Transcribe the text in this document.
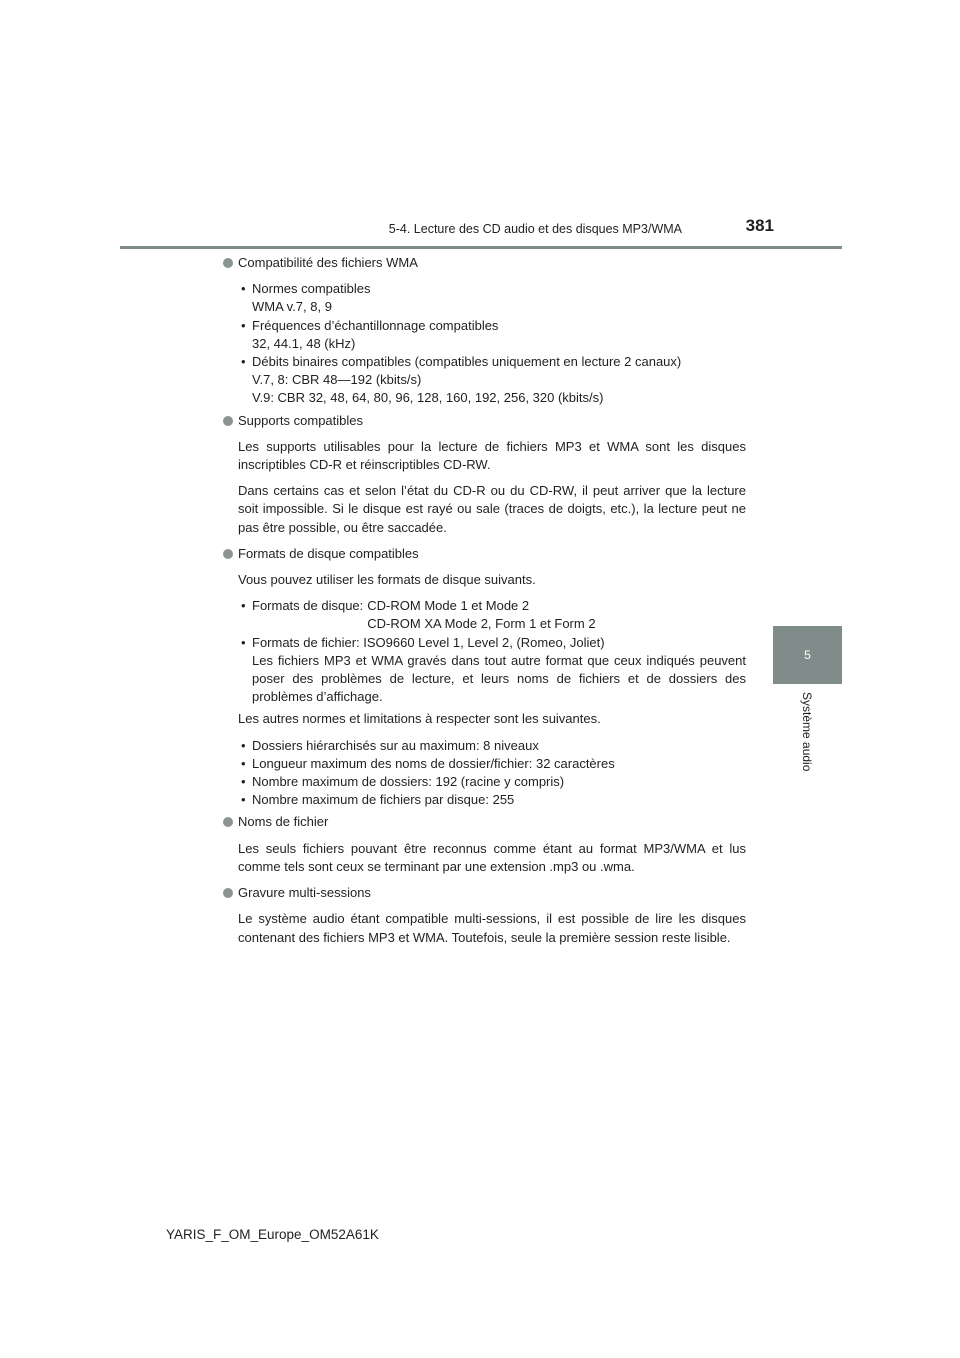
5-4. Lecture des CD audio et des disques MP3/WMA	381
5
Système audio
Compatibilité des fichiers WMA
• Normes compatibles
WMA v.7, 8, 9
• Fréquences d’échantillonnage compatibles
32, 44.1, 48 (kHz)
• Débits binaires compatibles (compatibles uniquement en lecture 2 canaux)
V.7, 8: CBR 48—192 (kbits/s)
V.9: CBR 32, 48, 64, 80, 96, 128, 160, 192, 256, 320 (kbits/s)
Supports compatibles

Les supports utilisables pour la lecture de fichiers MP3 et WMA sont les disques inscriptibles CD-R et réinscriptibles CD-RW.

Dans certains cas et selon l’état du CD-R ou du CD-RW, il peut arriver que la lecture soit impossible. Si le disque est rayé ou sale (traces de doigts, etc.), la lecture peut ne pas être possible, ou être saccadée.

Formats de disque compatibles

Vous pouvez utiliser les formats de disque suivants.

• Formats de disque: CD-ROM Mode 1 et Mode 2
CD-ROM XA Mode 2, Form 1 et Form 2
• Formats de fichier: ISO9660 Level 1, Level 2, (Romeo, Joliet)
Les fichiers MP3 et WMA gravés dans tout autre format que ceux indiqués peuvent poser des problèmes de lecture, et leurs noms de fichiers et de dossiers des problèmes d’affichage.

Les autres normes et limitations à respecter sont les suivantes.

• Dossiers hiérarchisés sur au maximum: 8 niveaux
• Longueur maximum des noms de dossier/fichier: 32 caractères
• Nombre maximum de dossiers: 192 (racine y compris)
• Nombre maximum de fichiers par disque: 255
Noms de fichier

Les seuls fichiers pouvant être reconnus comme étant au format MP3/WMA et lus comme tels sont ceux se terminant par une extension .mp3 ou .wma.

Gravure multi-sessions

Le système audio étant compatible multi-sessions, il est possible de lire les disques contenant des fichiers MP3 et WMA. Toutefois, seule la première session reste lisible.

YARIS_F_OM_Europe_OM52A61K
